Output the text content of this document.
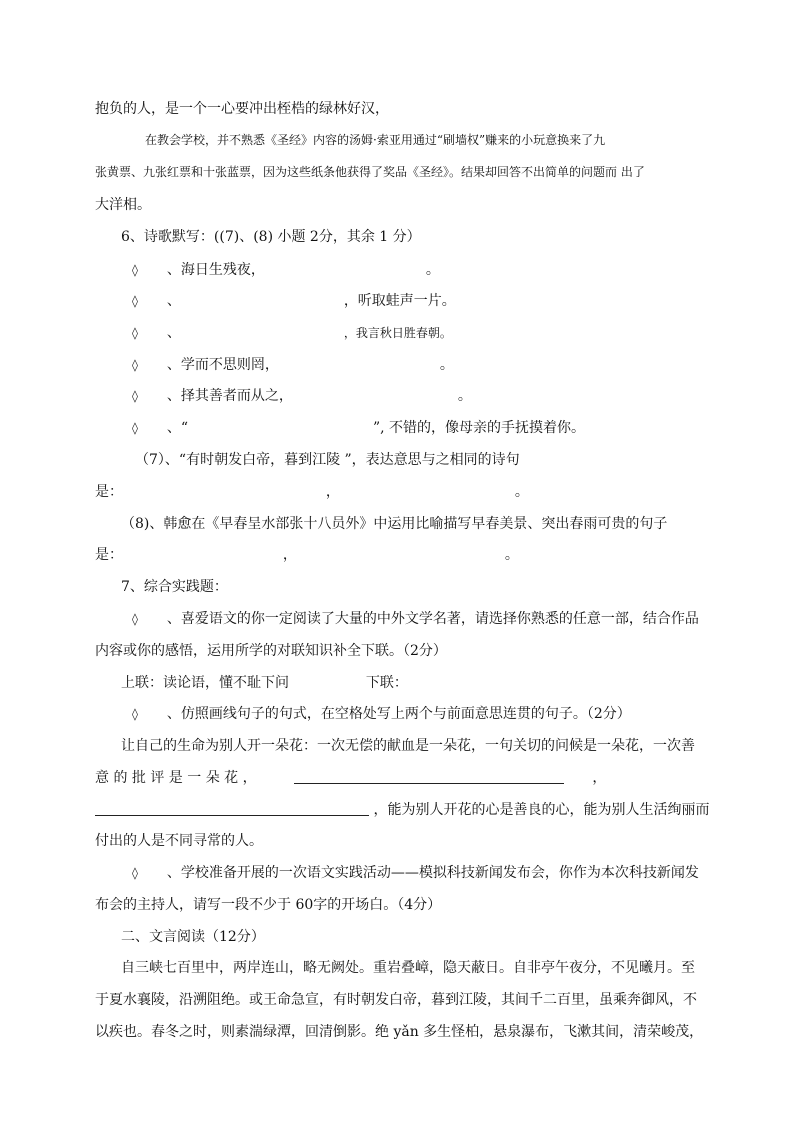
抱负的人，是一个一心要冲出桎梏的绿林好汉，
在教会学校，并不熟悉《圣经》内容的汤姆·索亚用通过“刷墙权”赚来的小玩意换来了九
张黄票、九张红票和十张蓝票，因为这些纸条他获得了奖品《圣经》。结果却回答不出简单的问题而 出了
大洋相。
6、诗歌默写：((7)、(8) 小题 2分，其余 1 分）
◊ 、海日生残夜，	。
◊ 、	，听取蛙声一片。
◊ 、	，我言秋日胜春朝。
◊ 、学而不思则罔，	。
◊ 、择其善者而从之，	。
◊ 、“	”, 不错的，像母亲的手抚摸着你。
（7）、“有时朝发白帝，暮到江陵 ”，表达意思与之相同的诗句
是：	，	。
（8)、韩愈在《早春呈水部张十八员外》中运用比喻描写早春美景、突出春雨可贵的句子
是：	，	。
7、综合实践题：
◊ 、喜爱语文的你一定阅读了大量的中外文学名著，请选择你熟悉的任意一部，结合作品
内容或你的感悟，运用所学的对联知识补全下联。（2分）
上联：读论语，懂不耻下问	下联：
◊ 、仿照画线句子的句式，在空格处写上两个与前面意思连贯的句子。（2分）
让自己的生命为别人开一朵花：一次无偿的献血是一朵花，一句关切的问候是一朵花，一次善
意 的 批 评 是 一 朵 花 ，	，
，能为别人开花的心是善良的心，能为别人生活绚丽而
付出的人是不同寻常的人。
◊ 、学校准备开展的一次语文实践活动——模拟科技新闻发布会，你作为本次科技新闻发
布会的主持人，请写一段不少于 60字的开场白。（4分）
二、文言阅读（12分）
自三峡七百里中，两岸连山，略无阙处。重岩叠嶂，隐天蔽日。自非亭午夜分，不见曦月。至
于夏水襄陵，沿溯阻绝。或王命急宣，有时朝发白帝，暮到江陵，其间千二百里，虽乘奔御风，不
以疾也。春冬之时，则素湍绿潭，回清倒影。绝 yǎn 多生怪柏，悬泉瀑布，飞漱其间，清荣峻茂，
